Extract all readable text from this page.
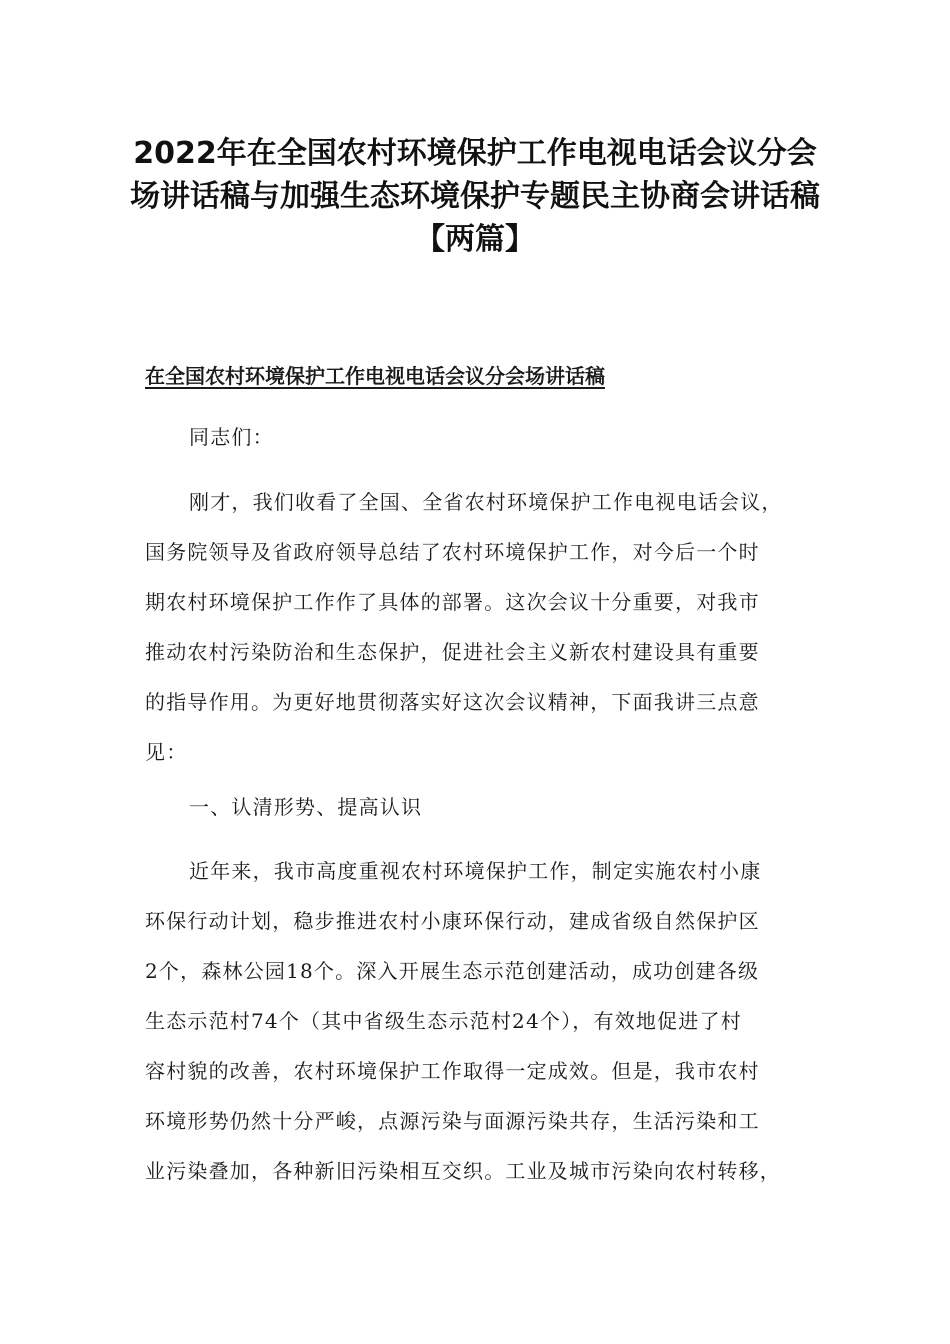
2022年在全国农村环境保护工作电视电话会议分会
场讲话稿与加强生态环境保护专题民主协商会讲话稿
【两篇】
在全国农村环境保护工作电视电话会议分会场讲话稿

同志们：

刚才，我们收看了全国、全省农村环境保护工作电视电话会议，
国务院领导及省政府领导总结了农村环境保护工作，对今后一个时
期农村环境保护工作作了具体的部署。这次会议十分重要，对我市
推动农村污染防治和生态保护，促进社会主义新农村建设具有重要
的指导作用。为更好地贯彻落实好这次会议精神，下面我讲三点意
见：

一、认清形势、提高认识

近年来，我市高度重视农村环境保护工作，制定实施农村小康
环保行动计划，稳步推进农村小康环保行动，建成省级自然保护区
2个，森林公园18个。深入开展生态示范创建活动，成功创建各级
生态示范村74个（其中省级生态示范村24个），有效地促进了村
容村貌的改善，农村环境保护工作取得一定成效。但是，我市农村
环境形势仍然十分严峻，点源污染与面源污染共存，生活污染和工
业污染叠加，各种新旧污染相互交织。工业及城市污染向农村转移，
